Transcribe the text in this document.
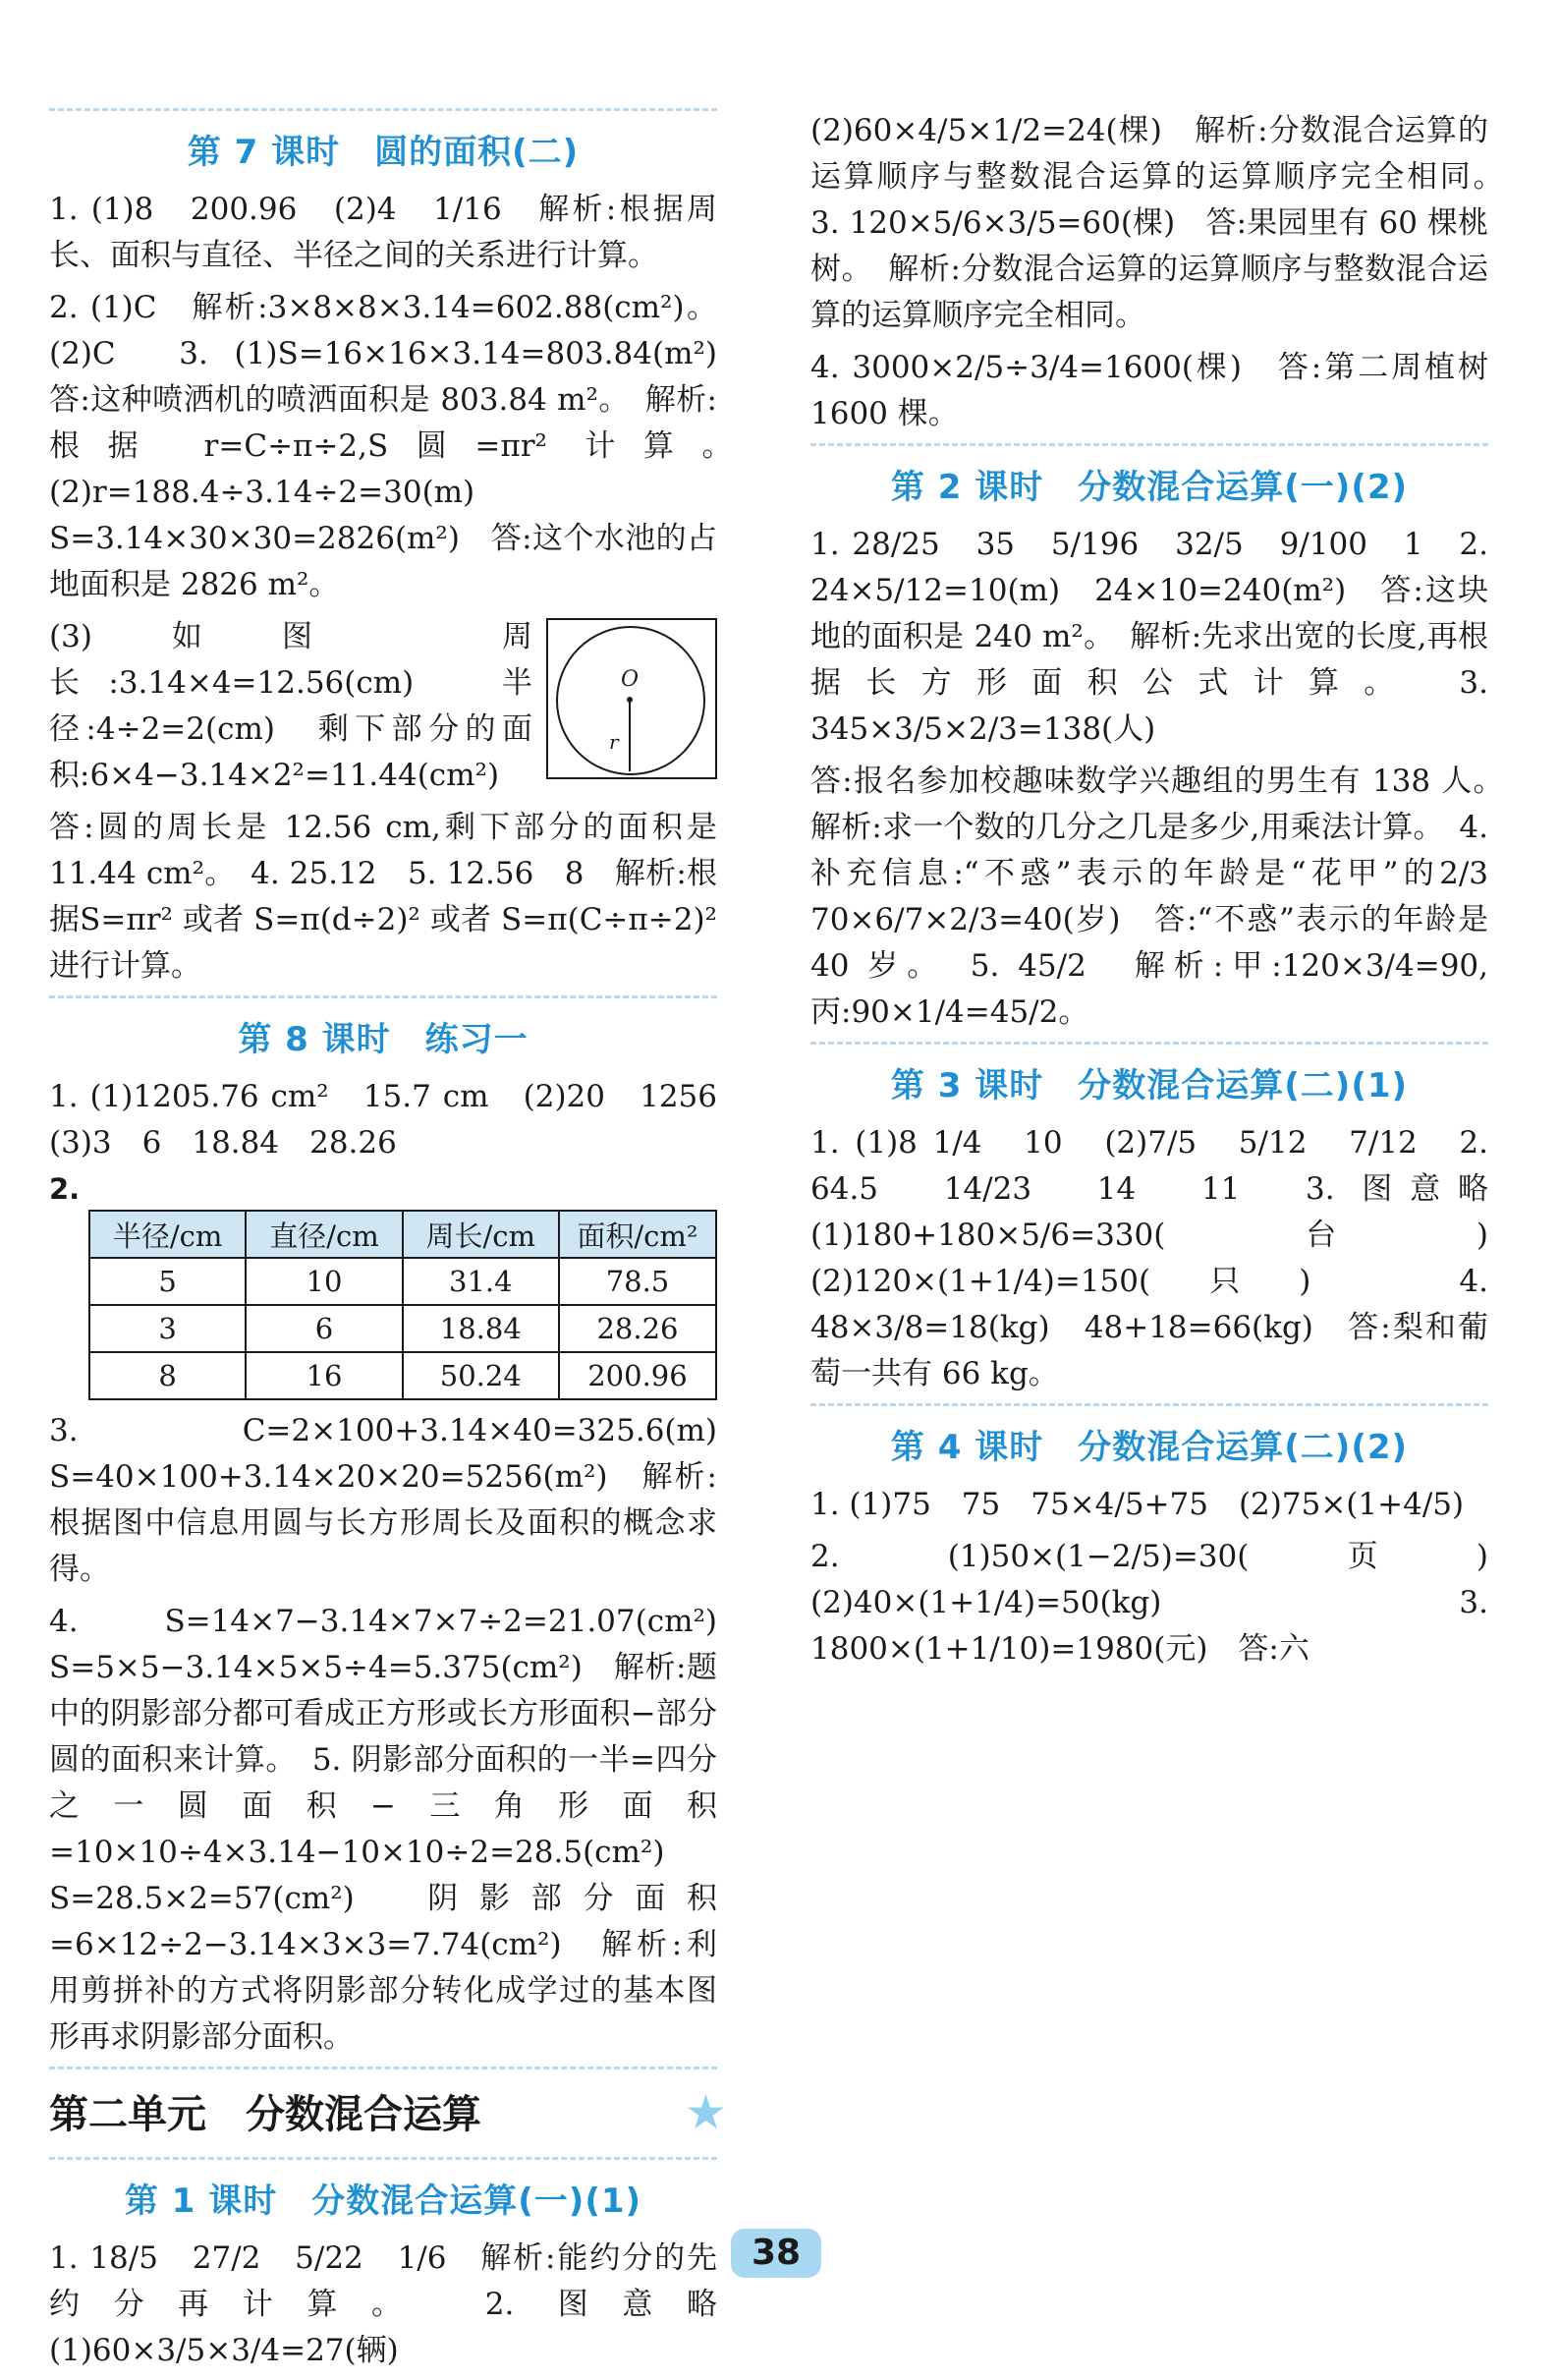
第 7 课时　圆的面积(二)

1. (1)8　200.96　(2)4　1/16　解析:根据周长、面积与直径、半径之间的关系进行计算。

2. (1)C　解析:3×8×8×3.14=602.88(cm²)。(2)C　3. (1)S=16×16×3.14=803.84(m²)　答:这种喷洒机的喷洒面积是 803.84 m²。　解析:根据 r=C÷π÷2,S圆=πr² 计算。　(2)r=188.4÷3.14÷2=30(m)　S=3.14×30×30=2826(m²)　答:这个水池的占地面积是 2826 m²。

O
r

(3)如图　周长:3.14×4=12.56(cm)　半径:4÷2=2(cm)　剩下部分的面积:6×4−3.14×2²=11.44(cm²)

答:圆的周长是 12.56 cm,剩下部分的面积是 11.44 cm²。　4. 25.12　5. 12.56　8　解析:根据S=πr² 或者 S=π(d÷2)² 或者 S=π(C÷π÷2)² 进行计算。

第 8 课时　练习一

1. (1)1205.76 cm²　15.7 cm　(2)20　1256　(3)3　6　18.84　28.26

2.
半径/cm	直径/cm	周长/cm	面积/cm²
5	10	31.4	78.5
3	6	18.84	28.26
8	16	50.24	200.96

3. C=2×100+3.14×40=325.6(m)　S=40×100+3.14×20×20=5256(m²)　解析:根据图中信息用圆与长方形周长及面积的概念求得。

4. S=14×7−3.14×7×7÷2=21.07(cm²)　S=5×5−3.14×5×5÷4=5.375(cm²)　解析:题中的阴影部分都可看成正方形或长方形面积−部分圆的面积来计算。　5. 阴影部分面积的一半=四分之一圆面积−三角形面积=10×10÷4×3.14−10×10÷2=28.5(cm²)　S=28.5×2=57(cm²)　阴影部分面积=6×12÷2−3.14×3×3=7.74(cm²)　解析:利用剪拼补的方式将阴影部分转化成学过的基本图形再求阴影部分面积。

第二单元　分数混合运算	★
第 1 课时　分数混合运算(一)(1)

1. 18/5　27/2　5/22　1/6　解析:能约分的先约分再计算。　2. 图意略　(1)60×3/5×3/4=27(辆)

(2)60×4/5×1/2=24(棵)　解析:分数混合运算的运算顺序与整数混合运算的运算顺序完全相同。　3. 120×5/6×3/5=60(棵)　答:果园里有 60 棵桃树。　解析:分数混合运算的运算顺序与整数混合运算的运算顺序完全相同。

4. 3000×2/5÷3/4=1600(棵)　答:第二周植树 1600 棵。

第 2 课时　分数混合运算(一)(2)

1. 28/25　35　5/196　32/5　9/100　1　2. 24×5/12=10(m)　24×10=240(m²)　答:这块地的面积是 240 m²。　解析:先求出宽的长度,再根据长方形面积公式计算。　3. 345×3/5×2/3=138(人)

答:报名参加校趣味数学兴趣组的男生有 138 人。　解析:求一个数的几分之几是多少,用乘法计算。　4. 补充信息:“不惑”表示的年龄是“花甲”的2/3　70×6/7×2/3=40(岁)　答:“不惑”表示的年龄是 40 岁。　5. 45/2　解析:甲:120×3/4=90,丙:90×1/4=45/2。

第 3 课时　分数混合运算(二)(1)

1. (1)8 1/4　10　(2)7/5　5/12　7/12　2. 64.5　14/23　14　11　3. 图意略　(1)180+180×5/6=330(台)　(2)120×(1+1/4)=150(只)　4. 48×3/8=18(kg)　48+18=66(kg)　答:梨和葡萄一共有 66 kg。

第 4 课时　分数混合运算(二)(2)

1. (1)75　75　75×4/5+75　(2)75×(1+4/5)

2. (1)50×(1−2/5)=30(页)　(2)40×(1+1/4)=50(kg)　3. 1800×(1+1/10)=1980(元)　答:六

38
